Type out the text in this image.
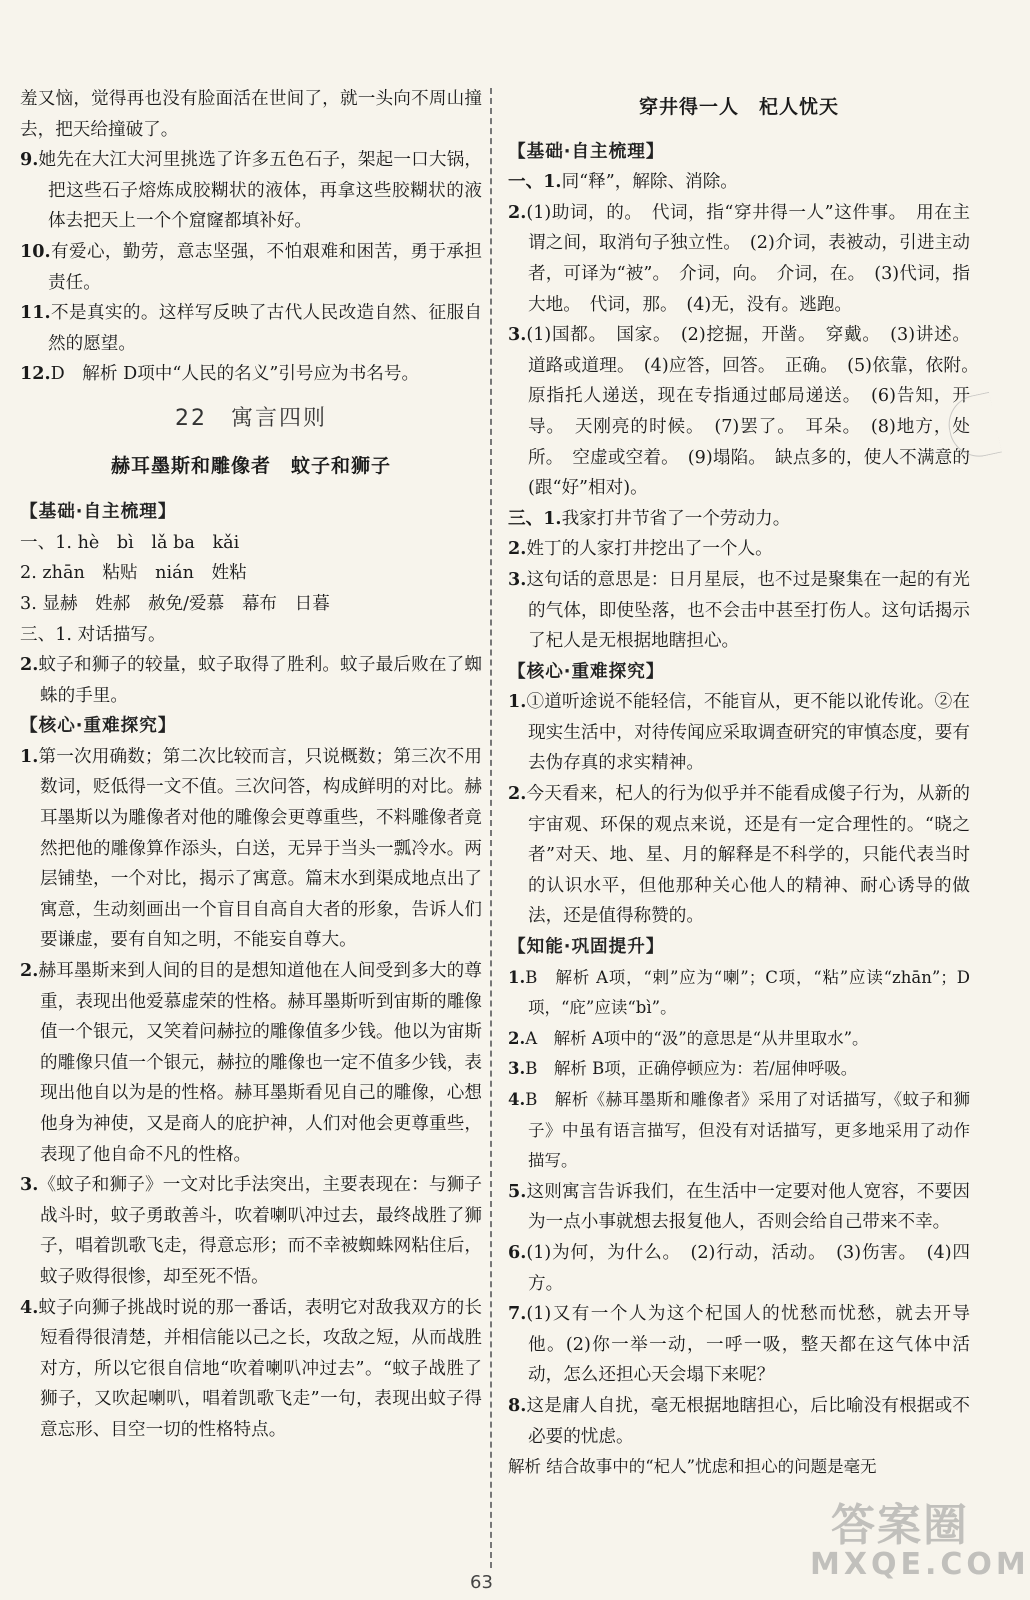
羞又恼，觉得再也没有脸面活在世间了，就一头向不周山撞去，把天给撞破了。

9.她先在大江大河里挑选了许多五色石子，架起一口大锅，把这些石子熔炼成胶糊状的液体，再拿这些胶糊状的液体去把天上一个个窟窿都填补好。

10.有爱心，勤劳，意志坚强，不怕艰难和困苦，勇于承担责任。

11.不是真实的。这样写反映了古代人民改造自然、征服自然的愿望。

12.D　解析 D项中“人民的名义”引号应为书名号。

22　寓言四则
赫耳墨斯和雕像者　蚊子和狮子
【基础·自主梳理】

一、1. hè　bì　lǎ ba　kǎi

2. zhān　粘贴　nián　姓粘

3. 显赫　姓郝　赦免/爱慕　幕布　日暮

三、1. 对话描写。

2.蚊子和狮子的较量，蚊子取得了胜利。蚊子最后败在了蜘蛛的手里。

【核心·重难探究】

1.第一次用确数；第二次比较而言，只说概数；第三次不用数词，贬低得一文不值。三次问答，构成鲜明的对比。赫耳墨斯以为雕像者对他的雕像会更尊重些，不料雕像者竟然把他的雕像算作添头，白送，无异于当头一瓢冷水。两层铺垫，一个对比，揭示了寓意。篇末水到渠成地点出了寓意，生动刻画出一个盲目自高自大者的形象，告诉人们要谦虚，要有自知之明，不能妄自尊大。

2.赫耳墨斯来到人间的目的是想知道他在人间受到多大的尊重，表现出他爱慕虚荣的性格。赫耳墨斯听到宙斯的雕像值一个银元，又笑着问赫拉的雕像值多少钱。他以为宙斯的雕像只值一个银元，赫拉的雕像也一定不值多少钱，表现出他自以为是的性格。赫耳墨斯看见自己的雕像，心想他身为神使，又是商人的庇护神，人们对他会更尊重些，表现了他自命不凡的性格。

3.《蚊子和狮子》一文对比手法突出，主要表现在：与狮子战斗时，蚊子勇敢善斗，吹着喇叭冲过去，最终战胜了狮子，唱着凯歌飞走，得意忘形；而不幸被蜘蛛网粘住后，蚊子败得很惨，却至死不悟。

4.蚊子向狮子挑战时说的那一番话，表明它对敌我双方的长短看得很清楚，并相信能以己之长，攻敌之短，从而战胜对方，所以它很自信地“吹着喇叭冲过去”。“蚊子战胜了狮子，又吹起喇叭，唱着凯歌飞走”一句，表现出蚊子得意忘形、目空一切的性格特点。

穿井得一人　杞人忧天
【基础·自主梳理】

一、1.同“释”，解除、消除。

2.(1)助词，的。　代词，指“穿井得一人”这件事。　用在主谓之间，取消句子独立性。　(2)介词，表被动，引进主动者，可译为“被”。　介词，向。　介词，在。　(3)代词，指大地。　代词，那。　(4)无，没有。逃跑。

3.(1)国都。　国家。　(2)挖掘，开凿。　穿戴。　(3)讲述。道路或道理。　(4)应答，回答。　正确。　(5)依靠，依附。　原指托人递送，现在专指通过邮局递送。　(6)告知，开导。　天刚亮的时候。　(7)罢了。　耳朵。　(8)地方，处所。　空虚或空着。　(9)塌陷。　缺点多的，使人不满意的(跟“好”相对)。

三、1.我家打井节省了一个劳动力。

2.姓丁的人家打井挖出了一个人。

3.这句话的意思是：日月星辰，也不过是聚集在一起的有光的气体，即使坠落，也不会击中甚至打伤人。这句话揭示了杞人是无根据地瞎担心。

【核心·重难探究】

1.①道听途说不能轻信，不能盲从，更不能以讹传讹。②在现实生活中，对待传闻应采取调查研究的审慎态度，要有去伪存真的求实精神。

2.今天看来，杞人的行为似乎并不能看成傻子行为，从新的宇宙观、环保的观点来说，还是有一定合理性的。“晓之者”对天、地、星、月的解释是不科学的，只能代表当时的认识水平，但他那种关心他人的精神、耐心诱导的做法，还是值得称赞的。

【知能·巩固提升】

1.B　解析 A项，“剌”应为“喇”；C项，“粘”应读“zhān”；D项，“庇”应读“bì”。

2.A　解析 A项中的“汲”的意思是“从井里取水”。

3.B　解析 B项，正确停顿应为：若/屈伸呼吸。

4.B　解析《赫耳墨斯和雕像者》采用了对话描写，《蚊子和狮子》中虽有语言描写，但没有对话描写，更多地采用了动作描写。

5.这则寓言告诉我们，在生活中一定要对他人宽容，不要因为一点小事就想去报复他人，否则会给自己带来不幸。

6.(1)为何，为什么。　(2)行动，活动。　(3)伤害。　(4)四方。

7.(1)又有一个人为这个杞国人的忧愁而忧愁，就去开导他。(2)你一举一动，一呼一吸，整天都在这气体中活动，怎么还担心天会塌下来呢？

8.这是庸人自扰，毫无根据地瞎担心，后比喻没有根据或不必要的忧虑。

解析 结合故事中的“杞人”忧虑和担心的问题是毫无

63
答案圈
MXQE.COM
